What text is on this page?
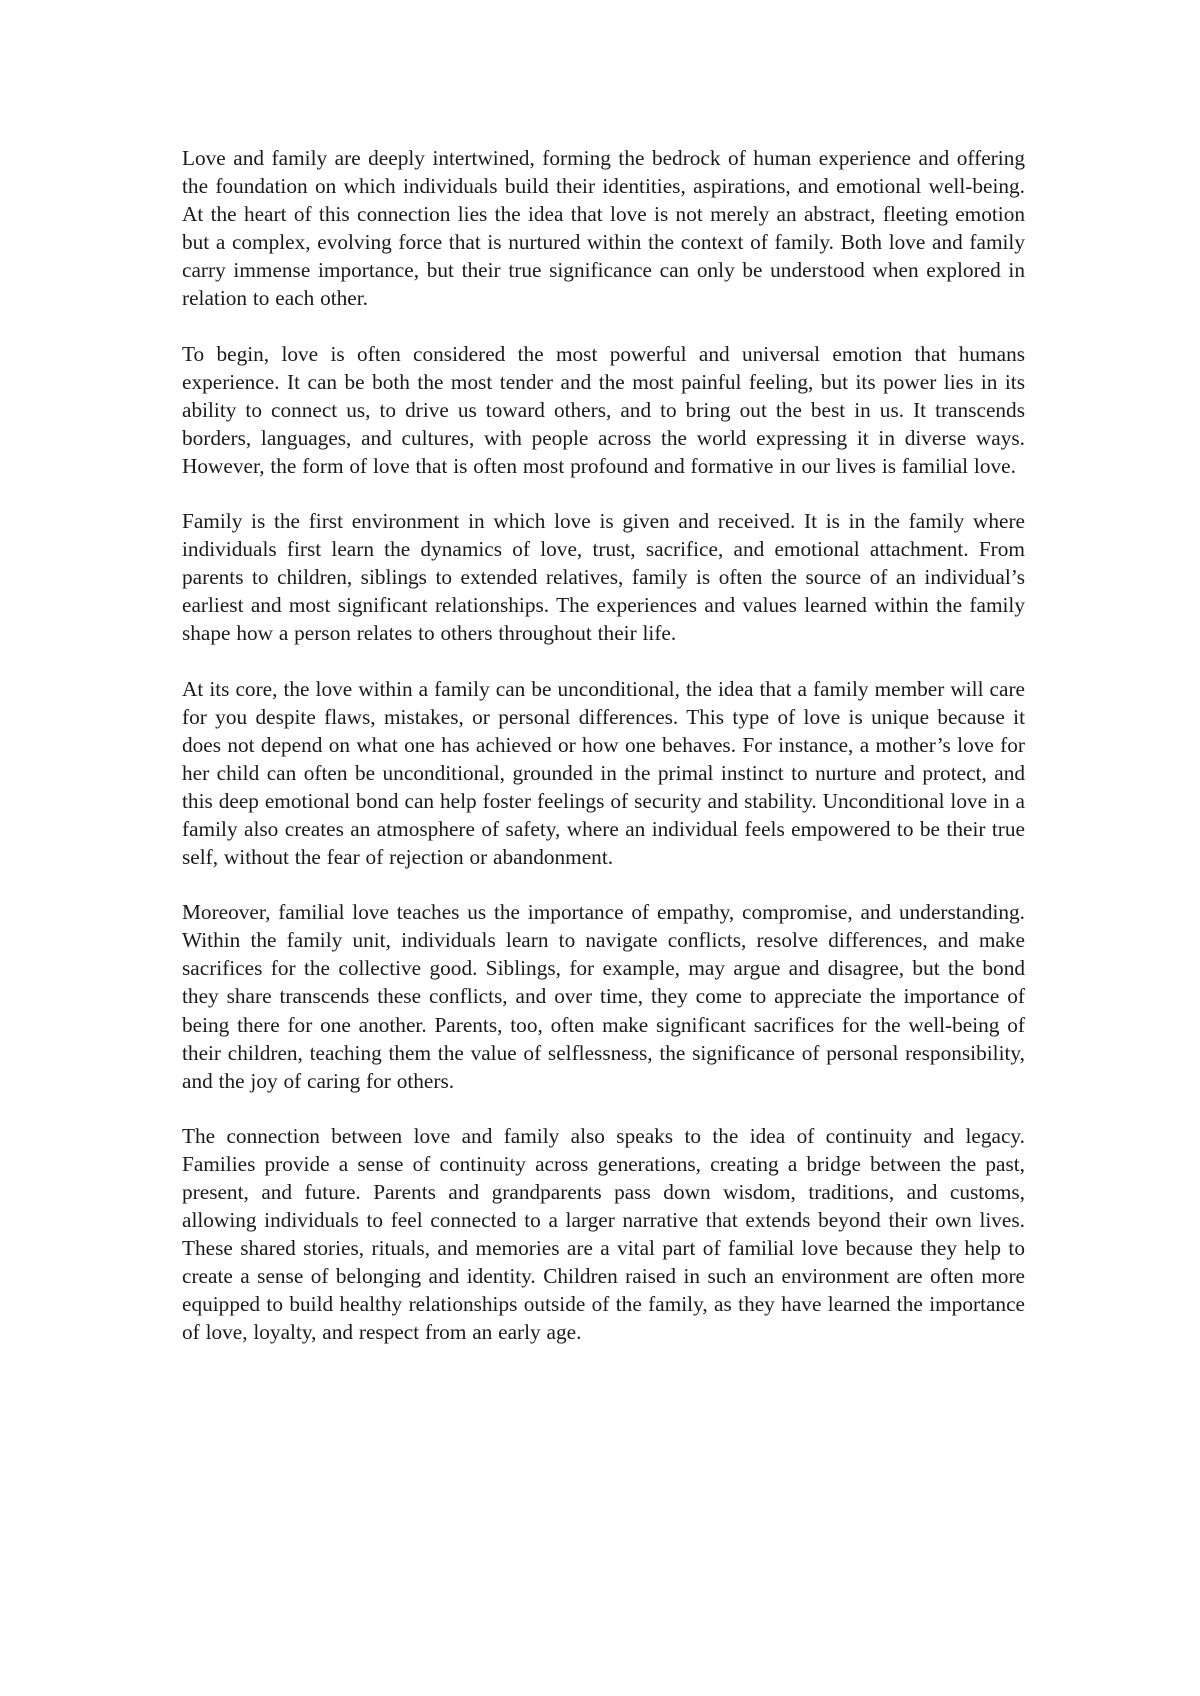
Love and family are deeply intertwined, forming the bedrock of human experience and offering the foundation on which individuals build their identities, aspirations, and emotional well-being. At the heart of this connection lies the idea that love is not merely an abstract, fleeting emotion but a complex, evolving force that is nurtured within the context of family. Both love and family carry immense importance, but their true significance can only be understood when explored in relation to each other.

To begin, love is often considered the most powerful and universal emotion that humans experience. It can be both the most tender and the most painful feeling, but its power lies in its ability to connect us, to drive us toward others, and to bring out the best in us. It transcends borders, languages, and cultures, with people across the world expressing it in diverse ways. However, the form of love that is often most profound and formative in our lives is familial love.

Family is the first environment in which love is given and received. It is in the family where individuals first learn the dynamics of love, trust, sacrifice, and emotional attachment. From parents to children, siblings to extended relatives, family is often the source of an individual’s earliest and most significant relationships. The experiences and values learned within the family shape how a person relates to others throughout their life.

At its core, the love within a family can be unconditional, the idea that a family member will care for you despite flaws, mistakes, or personal differences. This type of love is unique because it does not depend on what one has achieved or how one behaves. For instance, a mother’s love for her child can often be unconditional, grounded in the primal instinct to nurture and protect, and this deep emotional bond can help foster feelings of security and stability. Unconditional love in a family also creates an atmosphere of safety, where an individual feels empowered to be their true self, without the fear of rejection or abandonment.

Moreover, familial love teaches us the importance of empathy, compromise, and understanding. Within the family unit, individuals learn to navigate conflicts, resolve differences, and make sacrifices for the collective good. Siblings, for example, may argue and disagree, but the bond they share transcends these conflicts, and over time, they come to appreciate the importance of being there for one another. Parents, too, often make significant sacrifices for the well-being of their children, teaching them the value of selflessness, the significance of personal responsibility, and the joy of caring for others.

The connection between love and family also speaks to the idea of continuity and legacy. Families provide a sense of continuity across generations, creating a bridge between the past, present, and future. Parents and grandparents pass down wisdom, traditions, and customs, allowing individuals to feel connected to a larger narrative that extends beyond their own lives. These shared stories, rituals, and memories are a vital part of familial love because they help to create a sense of belonging and identity. Children raised in such an environment are often more equipped to build healthy relationships outside of the family, as they have learned the importance of love, loyalty, and respect from an early age.
